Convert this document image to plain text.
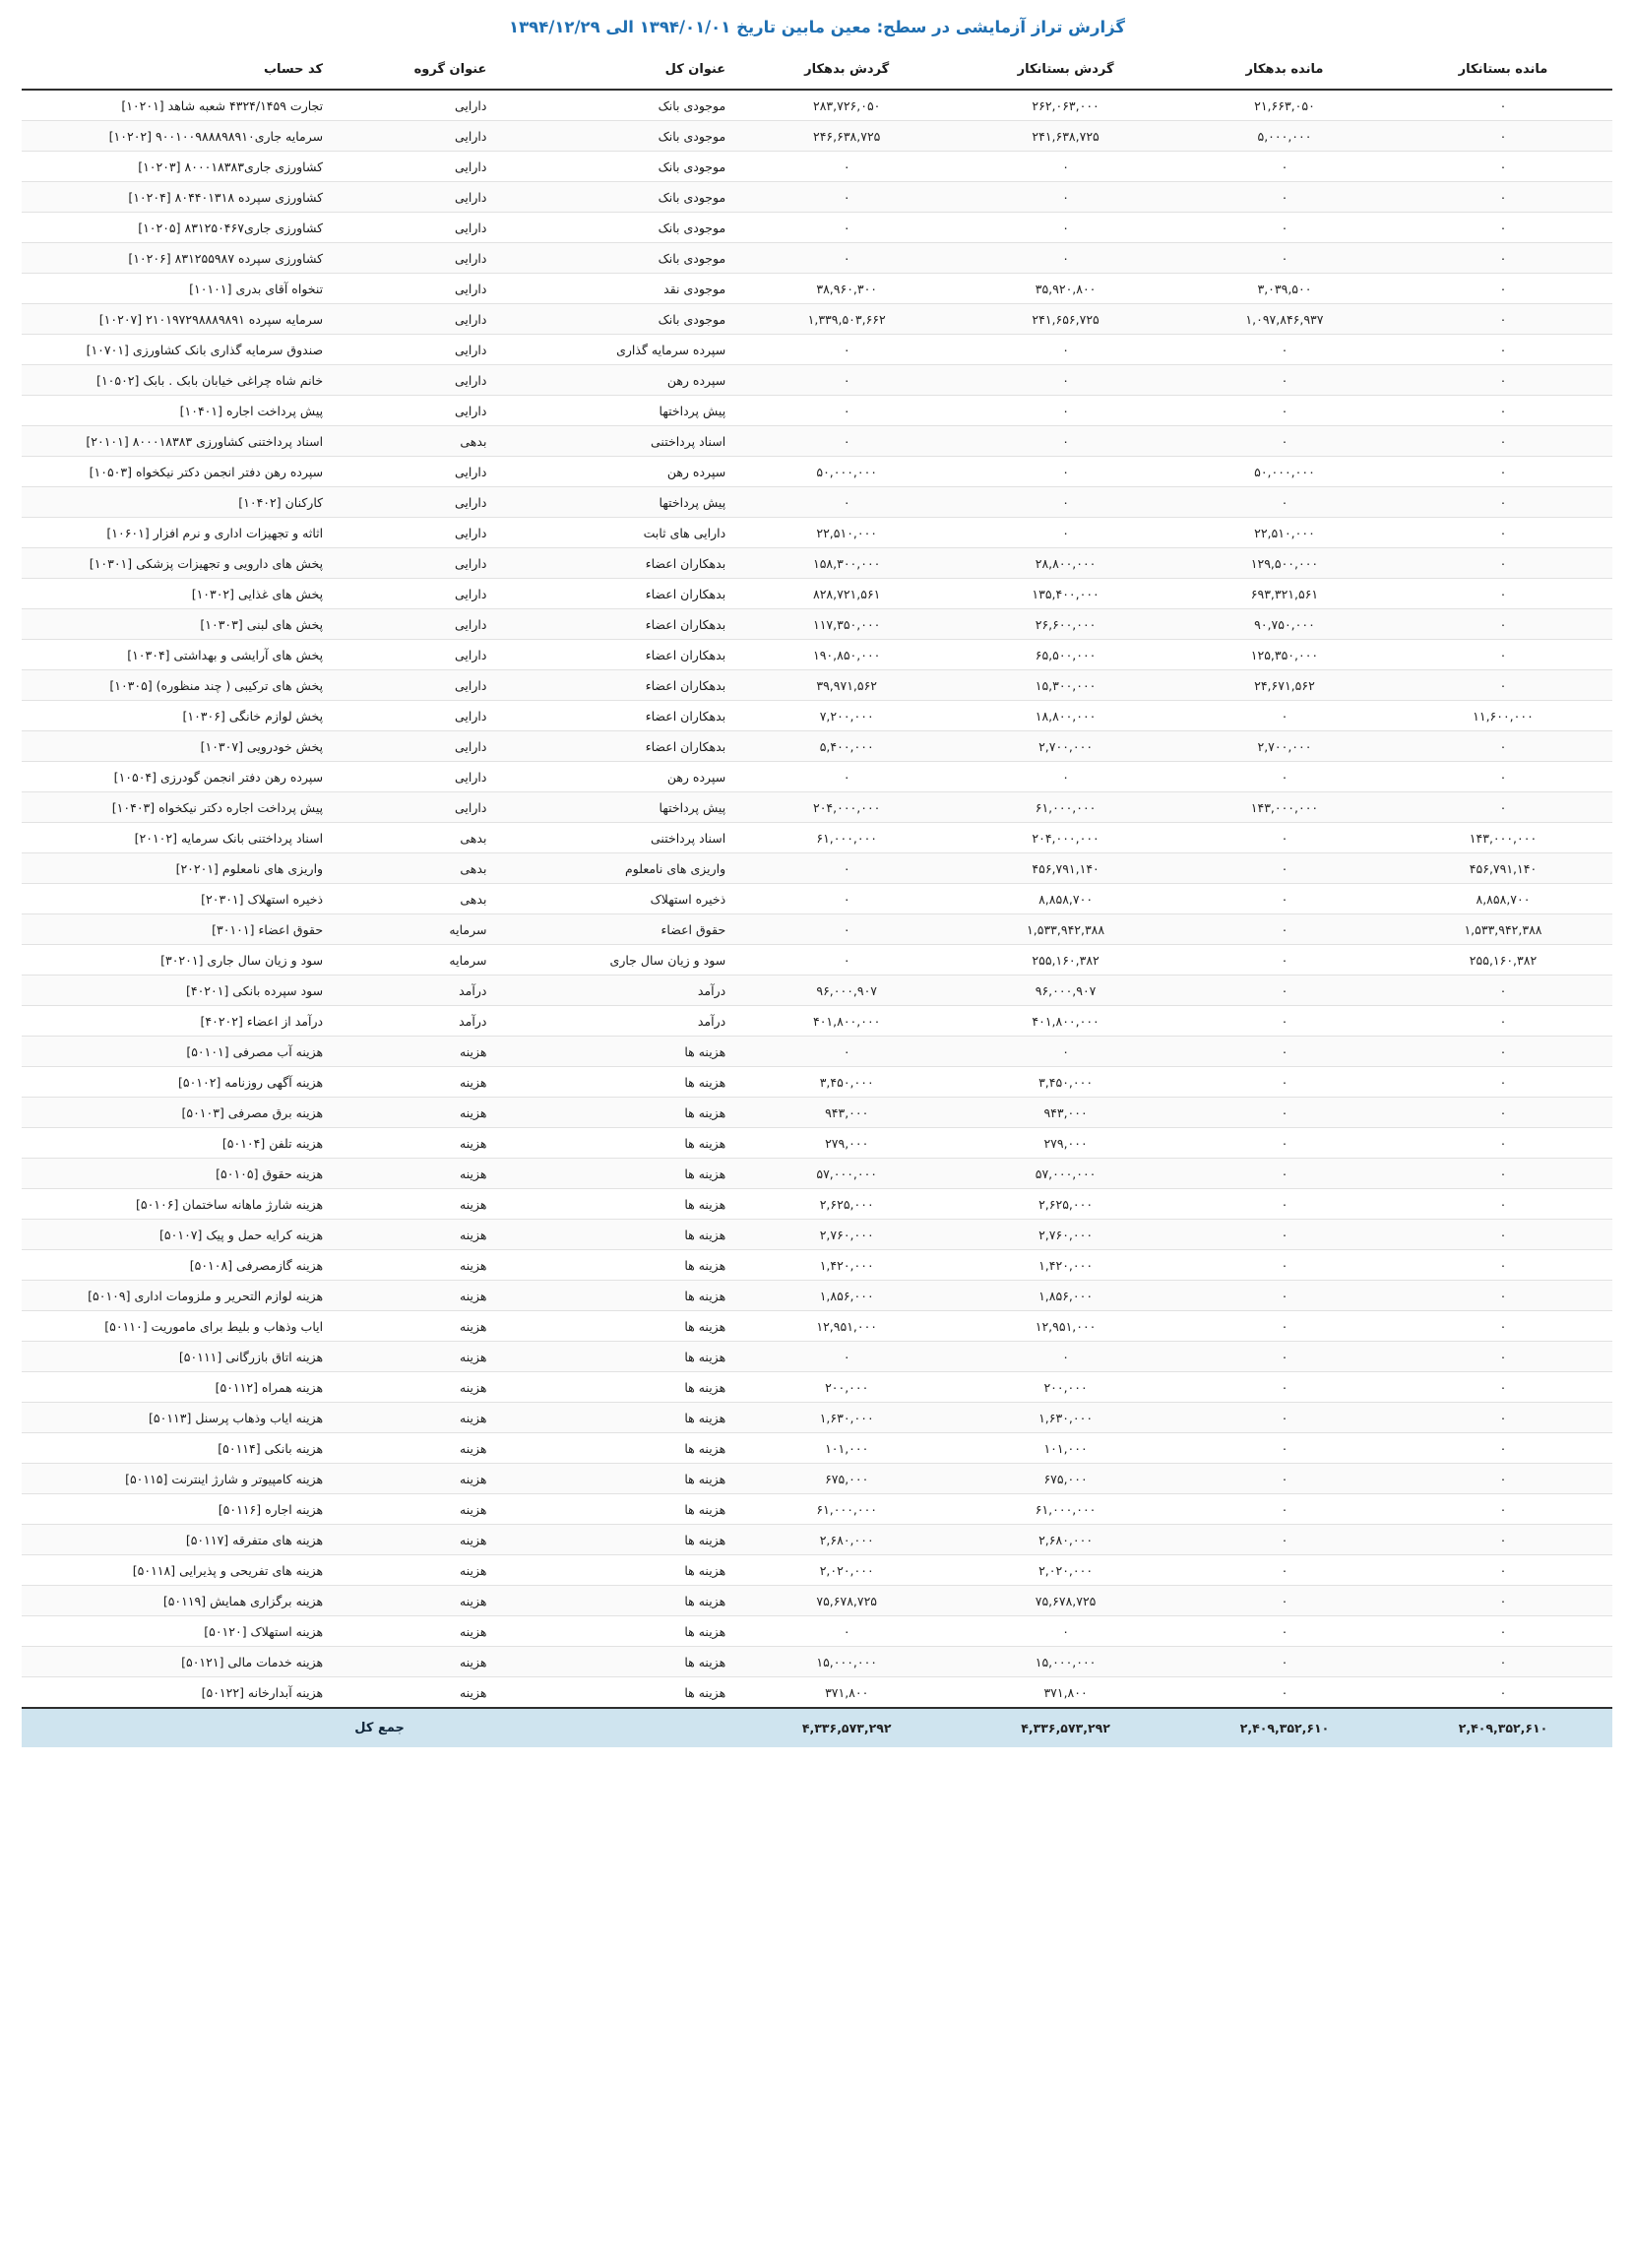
گزارش تراز آزمایشی در سطح: معین مابین تاریخ ۱۳۹۴/۰۱/۰۱ الی ۱۳۹۴/۱۲/۲۹
مانده بستانکار	مانده بدهکار	گردش بستانکار	گردش بدهکار	عنوان کل	عنوان گروه	کد حساب
۰	۲۱,۶۶۳,۰۵۰	۲۶۲,۰۶۳,۰۰۰	۲۸۳,۷۲۶,۰۵۰	موجودی بانک	دارایی	تجارت ۴۳۲۴/۱۴۵۹ شعبه شاهد [۱۰۲۰۱]
۰	۵,۰۰۰,۰۰۰	۲۴۱,۶۳۸,۷۲۵	۲۴۶,۶۳۸,۷۲۵	موجودی بانک	دارایی	سرمایه جاری۹۰۰۱۰۰۹۸۸۸۹۸۹۱۰ [۱۰۲۰۲]
۰	۰	۰	۰	موجودی بانک	دارایی	کشاورزی جاری۸۰۰۰۱۸۳۸۳ [۱۰۲۰۳]
۰	۰	۰	۰	موجودی بانک	دارایی	کشاورزی سپرده ۸۰۴۴۰۱۳۱۸ [۱۰۲۰۴]
۰	۰	۰	۰	موجودی بانک	دارایی	کشاورزی جاری۸۳۱۲۵۰۴۶۷ [۱۰۲۰۵]
۰	۰	۰	۰	موجودی بانک	دارایی	کشاورزی سپرده ۸۳۱۲۵۵۹۸۷ [۱۰۲۰۶]
۰	۳,۰۳۹,۵۰۰	۳۵,۹۲۰,۸۰۰	۳۸,۹۶۰,۳۰۰	موجودی نقد	دارایی	تنخواه آقای بدری [۱۰۱۰۱]
۰	۱,۰۹۷,۸۴۶,۹۳۷	۲۴۱,۶۵۶,۷۲۵	۱,۳۳۹,۵۰۳,۶۶۲	موجودی بانک	دارایی	سرمایه سپرده ۲۱۰۱۹۷۲۹۸۸۸۹۸۹۱ [۱۰۲۰۷]
۰	۰	۰	۰	سپرده سرمایه گذاری	دارایی	صندوق سرمایه گذاری بانک کشاورزی [۱۰۷۰۱]
۰	۰	۰	۰	سپرده رهن	دارایی	خانم شاه چراغی خیابان بابک . بابک [۱۰۵۰۲]
۰	۰	۰	۰	پیش پرداختها	دارایی	پیش پرداخت اجاره [۱۰۴۰۱]
۰	۰	۰	۰	اسناد پرداختنی	بدهی	اسناد پرداختنی کشاورزی ۸۰۰۰۱۸۳۸۳ [۲۰۱۰۱]
۰	۵۰,۰۰۰,۰۰۰	۰	۵۰,۰۰۰,۰۰۰	سپرده رهن	دارایی	سپرده رهن دفتر انجمن دکتر نیکخواه [۱۰۵۰۳]
۰	۰	۰	۰	پیش پرداختها	دارایی	کارکنان [۱۰۴۰۲]
۰	۲۲,۵۱۰,۰۰۰	۰	۲۲,۵۱۰,۰۰۰	دارایی های ثابت	دارایی	اثاثه و تجهیزات اداری و نرم افزار [۱۰۶۰۱]
۰	۱۲۹,۵۰۰,۰۰۰	۲۸,۸۰۰,۰۰۰	۱۵۸,۳۰۰,۰۰۰	بدهکاران اعضاء	دارایی	پخش های دارویی و تجهیزات پزشکی [۱۰۳۰۱]
۰	۶۹۳,۳۲۱,۵۶۱	۱۳۵,۴۰۰,۰۰۰	۸۲۸,۷۲۱,۵۶۱	بدهکاران اعضاء	دارایی	پخش های غذایی [۱۰۳۰۲]
۰	۹۰,۷۵۰,۰۰۰	۲۶,۶۰۰,۰۰۰	۱۱۷,۳۵۰,۰۰۰	بدهکاران اعضاء	دارایی	پخش های لبنی [۱۰۳۰۳]
۰	۱۲۵,۳۵۰,۰۰۰	۶۵,۵۰۰,۰۰۰	۱۹۰,۸۵۰,۰۰۰	بدهکاران اعضاء	دارایی	پخش های آرایشی و بهداشتی [۱۰۳۰۴]
۰	۲۴,۶۷۱,۵۶۲	۱۵,۳۰۰,۰۰۰	۳۹,۹۷۱,۵۶۲	بدهکاران اعضاء	دارایی	پخش های ترکیبی ( چند منظوره) [۱۰۳۰۵]
۱۱,۶۰۰,۰۰۰	۰	۱۸,۸۰۰,۰۰۰	۷,۲۰۰,۰۰۰	بدهکاران اعضاء	دارایی	پخش لوازم خانگی [۱۰۳۰۶]
۰	۲,۷۰۰,۰۰۰	۲,۷۰۰,۰۰۰	۵,۴۰۰,۰۰۰	بدهکاران اعضاء	دارایی	پخش خودرویی [۱۰۳۰۷]
۰	۰	۰	۰	سپرده رهن	دارایی	سپرده رهن دفتر انجمن گودرزی [۱۰۵۰۴]
۰	۱۴۳,۰۰۰,۰۰۰	۶۱,۰۰۰,۰۰۰	۲۰۴,۰۰۰,۰۰۰	پیش پرداختها	دارایی	پیش پرداخت اجاره دکتر نیکخواه [۱۰۴۰۳]
۱۴۳,۰۰۰,۰۰۰	۰	۲۰۴,۰۰۰,۰۰۰	۶۱,۰۰۰,۰۰۰	اسناد پرداختنی	بدهی	اسناد پرداختنی بانک سرمایه [۲۰۱۰۲]
۴۵۶,۷۹۱,۱۴۰	۰	۴۵۶,۷۹۱,۱۴۰	۰	واریزی های نامعلوم	بدهی	واریزی های نامعلوم [۲۰۲۰۱]
۸,۸۵۸,۷۰۰	۰	۸,۸۵۸,۷۰۰	۰	ذخیره استهلاک	بدهی	ذخیره استهلاک [۲۰۳۰۱]
۱,۵۳۳,۹۴۲,۳۸۸	۰	۱,۵۳۳,۹۴۲,۳۸۸	۰	حقوق اعضاء	سرمایه	حقوق اعضاء [۳۰۱۰۱]
۲۵۵,۱۶۰,۳۸۲	۰	۲۵۵,۱۶۰,۳۸۲	۰	سود و زیان سال جاری	سرمایه	سود و زیان سال جاری [۳۰۲۰۱]
۰	۰	۹۶,۰۰۰,۹۰۷	۹۶,۰۰۰,۹۰۷	درآمد	درآمد	سود سپرده بانکی [۴۰۲۰۱]
۰	۰	۴۰۱,۸۰۰,۰۰۰	۴۰۱,۸۰۰,۰۰۰	درآمد	درآمد	درآمد از اعضاء [۴۰۲۰۲]
۰	۰	۰	۰	هزینه ها	هزینه	هزینه آب مصرفی [۵۰۱۰۱]
۰	۰	۳,۴۵۰,۰۰۰	۳,۴۵۰,۰۰۰	هزینه ها	هزینه	هزینه آگهی روزنامه [۵۰۱۰۲]
۰	۰	۹۴۳,۰۰۰	۹۴۳,۰۰۰	هزینه ها	هزینه	هزینه برق مصرفی [۵۰۱۰۳]
۰	۰	۲۷۹,۰۰۰	۲۷۹,۰۰۰	هزینه ها	هزینه	هزینه تلفن [۵۰۱۰۴]
۰	۰	۵۷,۰۰۰,۰۰۰	۵۷,۰۰۰,۰۰۰	هزینه ها	هزینه	هزینه حقوق [۵۰۱۰۵]
۰	۰	۲,۶۲۵,۰۰۰	۲,۶۲۵,۰۰۰	هزینه ها	هزینه	هزینه شارژ ماهانه ساختمان [۵۰۱۰۶]
۰	۰	۲,۷۶۰,۰۰۰	۲,۷۶۰,۰۰۰	هزینه ها	هزینه	هزینه کرایه حمل و پیک [۵۰۱۰۷]
۰	۰	۱,۴۲۰,۰۰۰	۱,۴۲۰,۰۰۰	هزینه ها	هزینه	هزینه گازمصرفی [۵۰۱۰۸]
۰	۰	۱,۸۵۶,۰۰۰	۱,۸۵۶,۰۰۰	هزینه ها	هزینه	هزینه لوازم التحریر و ملزومات اداری [۵۰۱۰۹]
۰	۰	۱۲,۹۵۱,۰۰۰	۱۲,۹۵۱,۰۰۰	هزینه ها	هزینه	ایاب وذهاب و بلیط برای ماموریت [۵۰۱۱۰]
۰	۰	۰	۰	هزینه ها	هزینه	هزینه اتاق بازرگانی [۵۰۱۱۱]
۰	۰	۲۰۰,۰۰۰	۲۰۰,۰۰۰	هزینه ها	هزینه	هزینه همراه [۵۰۱۱۲]
۰	۰	۱,۶۳۰,۰۰۰	۱,۶۳۰,۰۰۰	هزینه ها	هزینه	هزینه ایاب وذهاب پرسنل [۵۰۱۱۳]
۰	۰	۱۰۱,۰۰۰	۱۰۱,۰۰۰	هزینه ها	هزینه	هزینه بانکی [۵۰۱۱۴]
۰	۰	۶۷۵,۰۰۰	۶۷۵,۰۰۰	هزینه ها	هزینه	هزینه کامپیوتر و شارژ اینترنت [۵۰۱۱۵]
۰	۰	۶۱,۰۰۰,۰۰۰	۶۱,۰۰۰,۰۰۰	هزینه ها	هزینه	هزینه اجاره [۵۰۱۱۶]
۰	۰	۲,۶۸۰,۰۰۰	۲,۶۸۰,۰۰۰	هزینه ها	هزینه	هزینه های متفرقه [۵۰۱۱۷]
۰	۰	۲,۰۲۰,۰۰۰	۲,۰۲۰,۰۰۰	هزینه ها	هزینه	هزینه های تفریحی و پذیرایی [۵۰۱۱۸]
۰	۰	۷۵,۶۷۸,۷۲۵	۷۵,۶۷۸,۷۲۵	هزینه ها	هزینه	هزینه برگزاری همایش [۵۰۱۱۹]
۰	۰	۰	۰	هزینه ها	هزینه	هزینه استهلاک [۵۰۱۲۰]
۰	۰	۱۵,۰۰۰,۰۰۰	۱۵,۰۰۰,۰۰۰	هزینه ها	هزینه	هزینه خدمات مالی [۵۰۱۲۱]
۰	۰	۳۷۱,۸۰۰	۳۷۱,۸۰۰	هزینه ها	هزینه	هزینه آبدارخانه [۵۰۱۲۲]
۲,۴۰۹,۳۵۲,۶۱۰	۲,۴۰۹,۳۵۲,۶۱۰	۴,۳۳۶,۵۷۳,۲۹۲	۴,۳۳۶,۵۷۳,۲۹۲	جمع کل		
